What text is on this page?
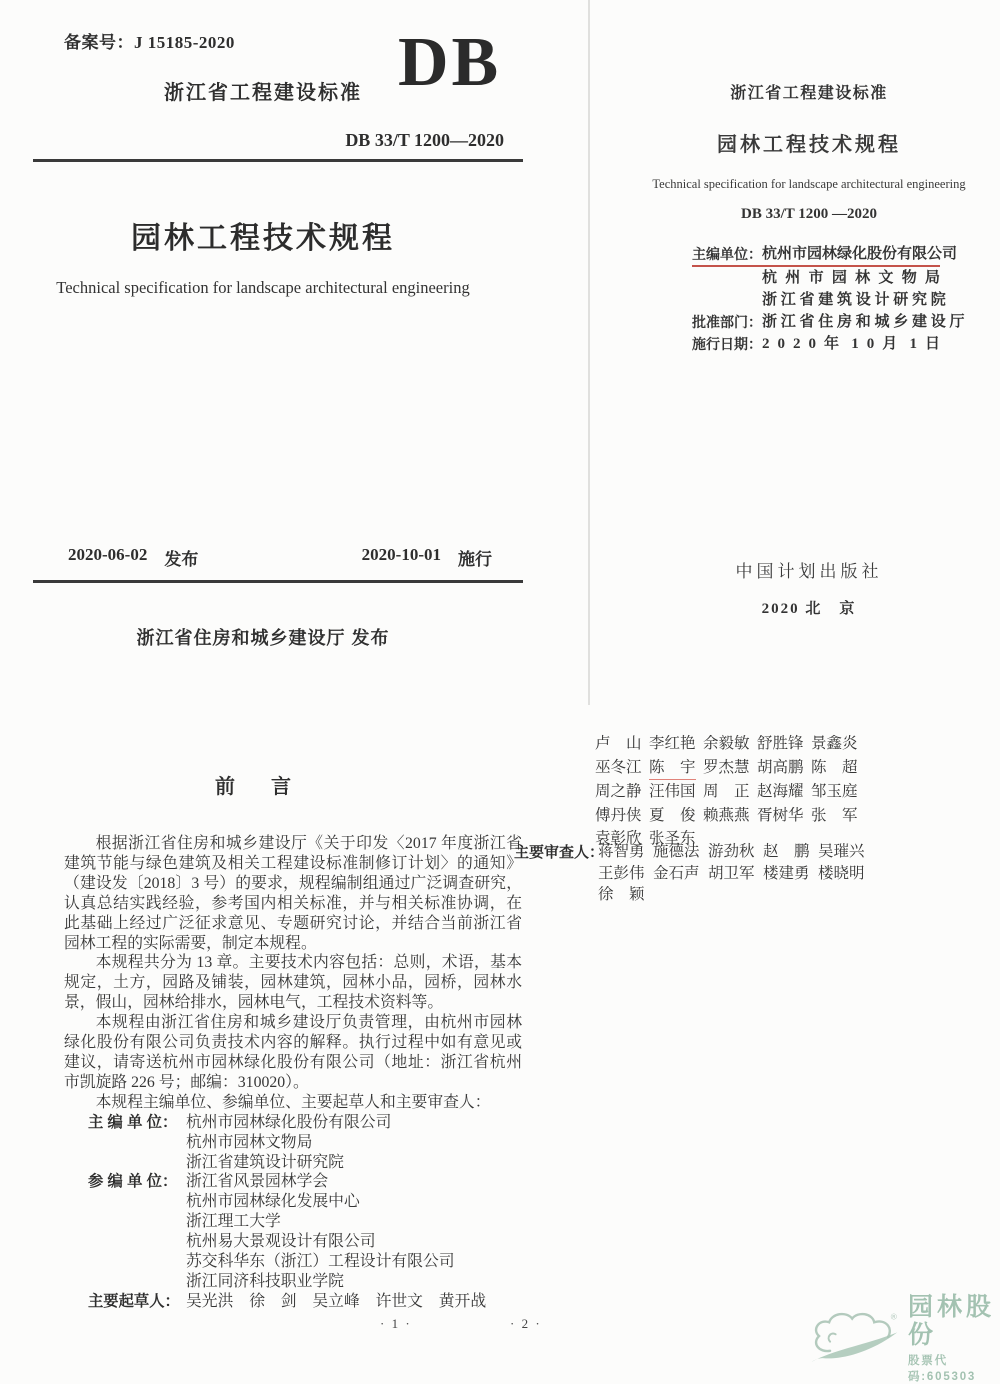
备案号：J 15185-2020
浙江省工程建设标准 DB
DB 33/T 1200—2020
园林工程技术规程
Technical specification for landscape architectural engineering
2020-06-02 发布	2020-10-01 施行
浙江省住房和城乡建设厅 发布
浙江省工程建设标准
园林工程技术规程
Technical specification for landscape architectural engineering
DB 33/T 1200 —2020
主编单位：杭州市园林绿化股份有限公司
杭 州 市 园 林 文 物 局
浙 江 省 建 筑 设 计 研 究 院
批准部门：浙 江 省 住 房 和 城 乡 建 设 厅
施行日期：2 0 2 0 年 1 0 月 1 日
中国计划出版社
2020 北　京
前　言

根据浙江省住房和城乡建设厅《关于印发〈2017 年度浙江省建筑节能与绿色建筑及相关工程建设标准制修订计划〉的通知》（建设发〔2018〕3 号）的要求，规程编制组通过广泛调查研究，认真总结实践经验，参考国内相关标准，并与相关标准协调，在此基础上经过广泛征求意见、专题研究讨论，并结合当前浙江省园林工程的实际需要，制定本规程。

本规程共分为 13 章。主要技术内容包括：总则，术语，基本规定，土方，园路及铺装，园林建筑，园林小品，园桥，园林水景，假山，园林给排水，园林电气，工程技术资料等。

本规程由浙江省住房和城乡建设厅负责管理，由杭州市园林绿化股份有限公司负责技术内容的解释。执行过程中如有意见或建议，请寄送杭州市园林绿化股份有限公司（地址：浙江省杭州市凯旋路 226 号；邮编：310020）。

本规程主编单位、参编单位、主要起草人和主要审查人：

主 编 单 位： 杭州市园林绿化股份有限公司
杭州市园林文物局
浙江省建筑设计研究院
参 编 单 位： 浙江省风景园林学会
杭州市园林绿化发展中心
浙江理工大学
杭州易大景观设计有限公司
苏交科华东（浙江）工程设计有限公司
浙江同济科技职业学院
主要起草人： 吴光洪　徐　剑　吴立峰　许世文　黄开战
· 1 ·
卢　山 李红艳 余毅敏 舒胜锋 景鑫炎
巫冬江 陈　宇 罗杰慧 胡高鹏 陈　超
周之静 汪伟国 周　正 赵海耀 邹玉庭
傅丹侠 夏　俊 赖燕燕 胥树华 张　军
袁彰欣 张圣东
主要审查人：
蒋智勇 施德法 游劲秋 赵　鹏 吴璀兴
王彭伟 金石声 胡卫军 楼建勇 楼晓明
徐　颖
· 2 ·	® 园林股份
股票代码:605303
